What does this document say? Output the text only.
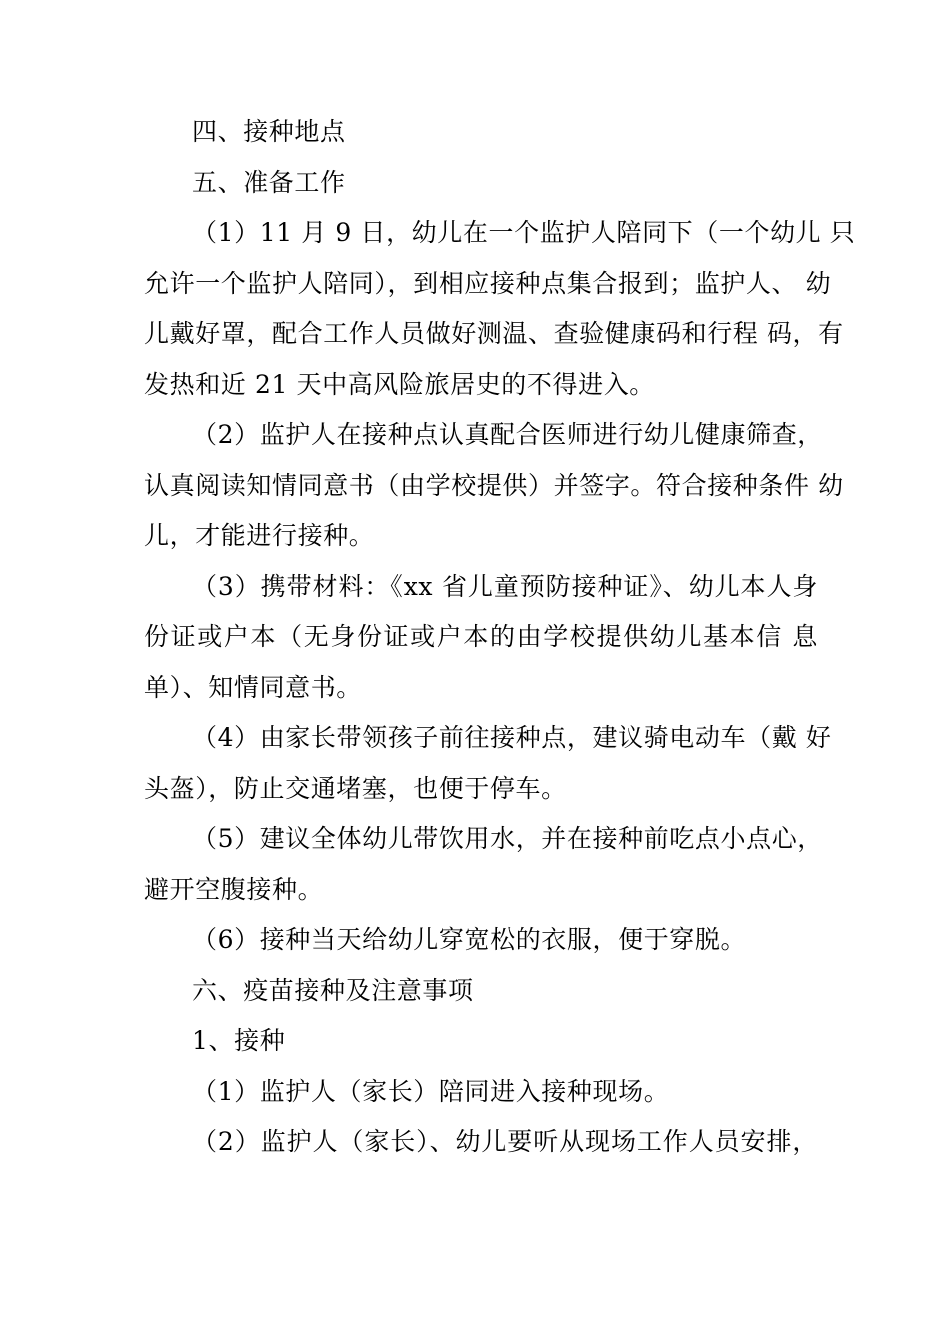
四、接种地点
五、准备工作
（1）11 月 9 日，幼儿在一个监护人陪同下（一个幼儿 只
允许一个监护人陪同），到相应接种点集合报到；监护人、 幼
儿戴好罩，配合工作人员做好测温、查验健康码和行程 码，有
发热和近 21 天中高风险旅居史的不得进入。
（2）监护人在接种点认真配合医师进行幼儿健康筛查，
认真阅读知情同意书（由学校提供）并签字。符合接种条件 幼
儿，才能进行接种。
（3）携带材料：《xx 省儿童预防接种证》、幼儿本人身
份证或户本（无身份证或户本的由学校提供幼儿基本信 息
单）、知情同意书。
（4）由家长带领孩子前往接种点，建议骑电动车（戴 好
头盔），防止交通堵塞，也便于停车。
（5）建议全体幼儿带饮用水，并在接种前吃点小点心，
避开空腹接种。
（6）接种当天给幼儿穿宽松的衣服，便于穿脱。
六、疫苗接种及注意事项
1、接种
（1）监护人（家长）陪同进入接种现场。
（2）监护人（家长）、幼儿要听从现场工作人员安排，
